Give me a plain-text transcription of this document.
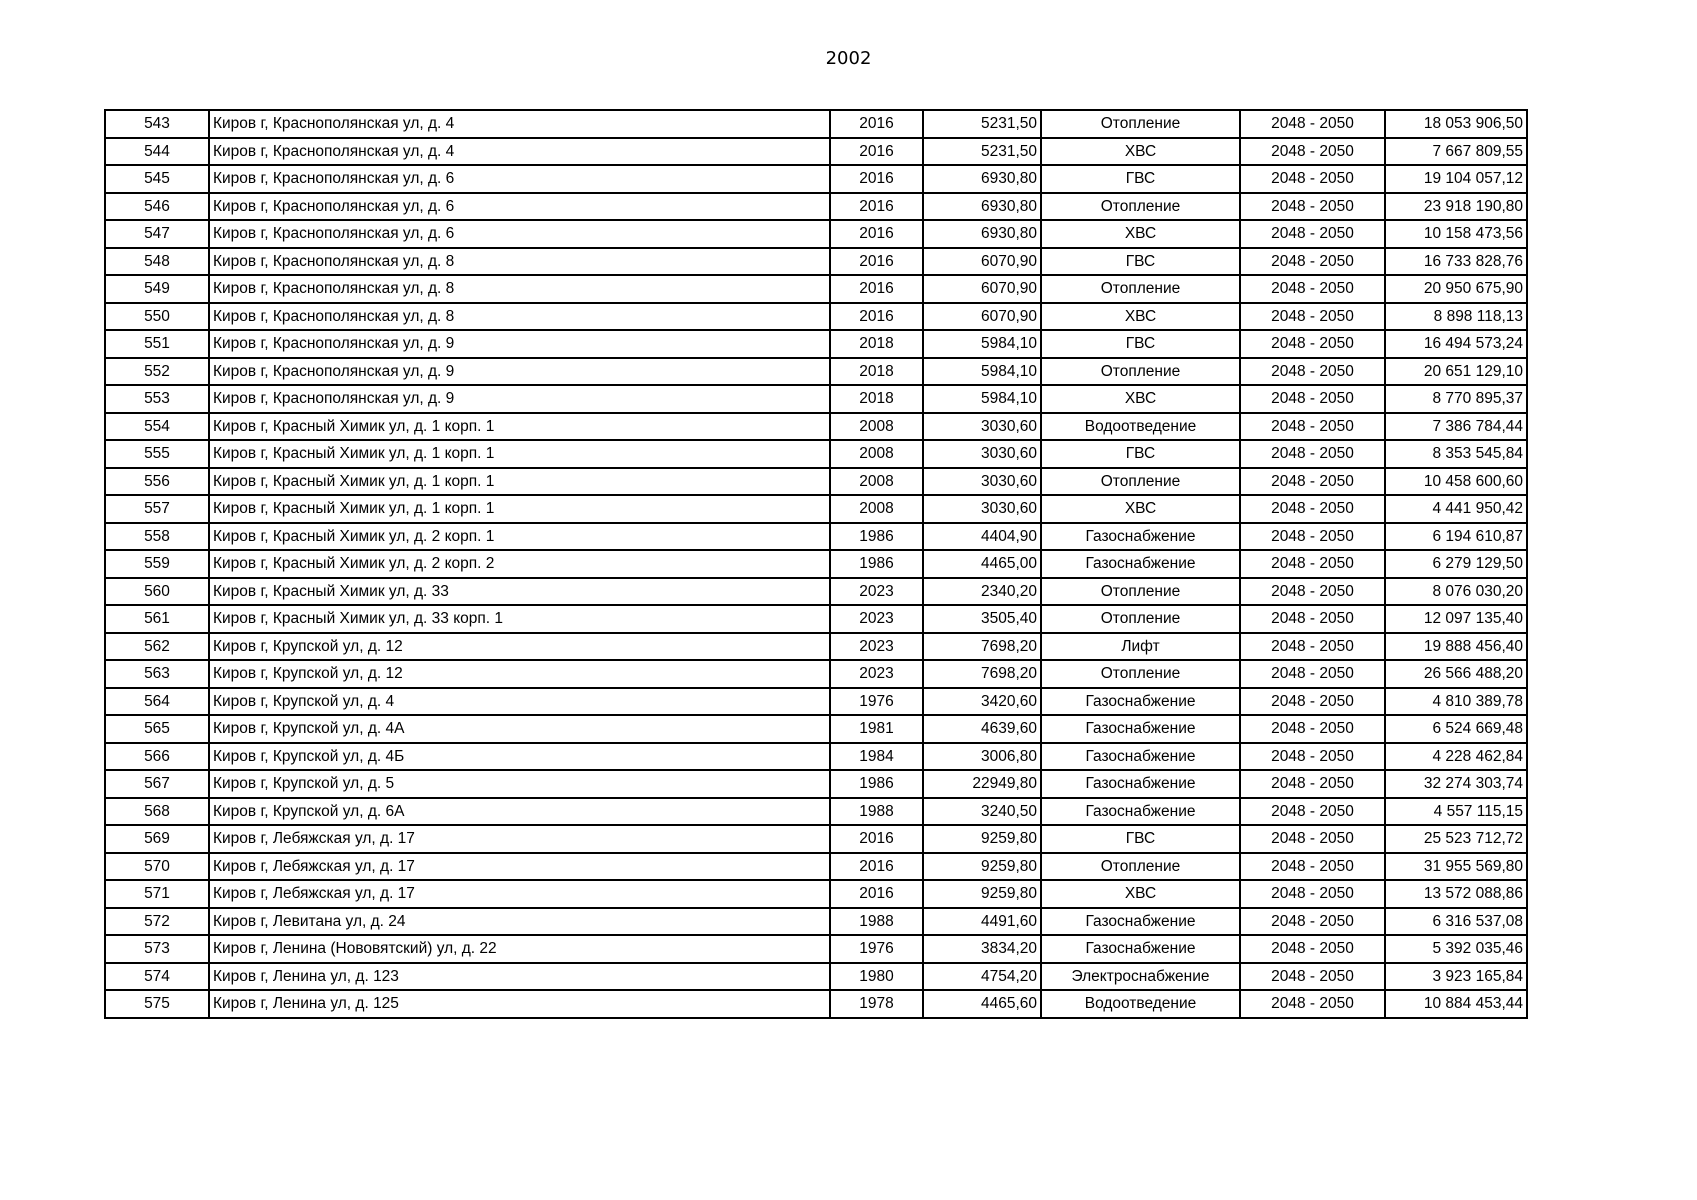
2002
543	Киров г, Краснополянская ул, д. 4	2016	5231,50	Отопление	2048 - 2050	18 053 906,50
544	Киров г, Краснополянская ул, д. 4	2016	5231,50	ХВС	2048 - 2050	7 667 809,55
545	Киров г, Краснополянская ул, д. 6	2016	6930,80	ГВС	2048 - 2050	19 104 057,12
546	Киров г, Краснополянская ул, д. 6	2016	6930,80	Отопление	2048 - 2050	23 918 190,80
547	Киров г, Краснополянская ул, д. 6	2016	6930,80	ХВС	2048 - 2050	10 158 473,56
548	Киров г, Краснополянская ул, д. 8	2016	6070,90	ГВС	2048 - 2050	16 733 828,76
549	Киров г, Краснополянская ул, д. 8	2016	6070,90	Отопление	2048 - 2050	20 950 675,90
550	Киров г, Краснополянская ул, д. 8	2016	6070,90	ХВС	2048 - 2050	8 898 118,13
551	Киров г, Краснополянская ул, д. 9	2018	5984,10	ГВС	2048 - 2050	16 494 573,24
552	Киров г, Краснополянская ул, д. 9	2018	5984,10	Отопление	2048 - 2050	20 651 129,10
553	Киров г, Краснополянская ул, д. 9	2018	5984,10	ХВС	2048 - 2050	8 770 895,37
554	Киров г, Красный Химик ул, д. 1 корп. 1	2008	3030,60	Водоотведение	2048 - 2050	7 386 784,44
555	Киров г, Красный Химик ул, д. 1 корп. 1	2008	3030,60	ГВС	2048 - 2050	8 353 545,84
556	Киров г, Красный Химик ул, д. 1 корп. 1	2008	3030,60	Отопление	2048 - 2050	10 458 600,60
557	Киров г, Красный Химик ул, д. 1 корп. 1	2008	3030,60	ХВС	2048 - 2050	4 441 950,42
558	Киров г, Красный Химик ул, д. 2 корп. 1	1986	4404,90	Газоснабжение	2048 - 2050	6 194 610,87
559	Киров г, Красный Химик ул, д. 2 корп. 2	1986	4465,00	Газоснабжение	2048 - 2050	6 279 129,50
560	Киров г, Красный Химик ул, д. 33	2023	2340,20	Отопление	2048 - 2050	8 076 030,20
561	Киров г, Красный Химик ул, д. 33 корп. 1	2023	3505,40	Отопление	2048 - 2050	12 097 135,40
562	Киров г, Крупской ул, д. 12	2023	7698,20	Лифт	2048 - 2050	19 888 456,40
563	Киров г, Крупской ул, д. 12	2023	7698,20	Отопление	2048 - 2050	26 566 488,20
564	Киров г, Крупской ул, д. 4	1976	3420,60	Газоснабжение	2048 - 2050	4 810 389,78
565	Киров г, Крупской ул, д. 4А	1981	4639,60	Газоснабжение	2048 - 2050	6 524 669,48
566	Киров г, Крупской ул, д. 4Б	1984	3006,80	Газоснабжение	2048 - 2050	4 228 462,84
567	Киров г, Крупской ул, д. 5	1986	22949,80	Газоснабжение	2048 - 2050	32 274 303,74
568	Киров г, Крупской ул, д. 6А	1988	3240,50	Газоснабжение	2048 - 2050	4 557 115,15
569	Киров г, Лебяжская ул, д. 17	2016	9259,80	ГВС	2048 - 2050	25 523 712,72
570	Киров г, Лебяжская ул, д. 17	2016	9259,80	Отопление	2048 - 2050	31 955 569,80
571	Киров г, Лебяжская ул, д. 17	2016	9259,80	ХВС	2048 - 2050	13 572 088,86
572	Киров г, Левитана ул, д. 24	1988	4491,60	Газоснабжение	2048 - 2050	6 316 537,08
573	Киров г, Ленина (Нововятский) ул, д. 22	1976	3834,20	Газоснабжение	2048 - 2050	5 392 035,46
574	Киров г, Ленина ул, д. 123	1980	4754,20	Электроснабжение	2048 - 2050	3 923 165,84
575	Киров г, Ленина ул, д. 125	1978	4465,60	Водоотведение	2048 - 2050	10 884 453,44
